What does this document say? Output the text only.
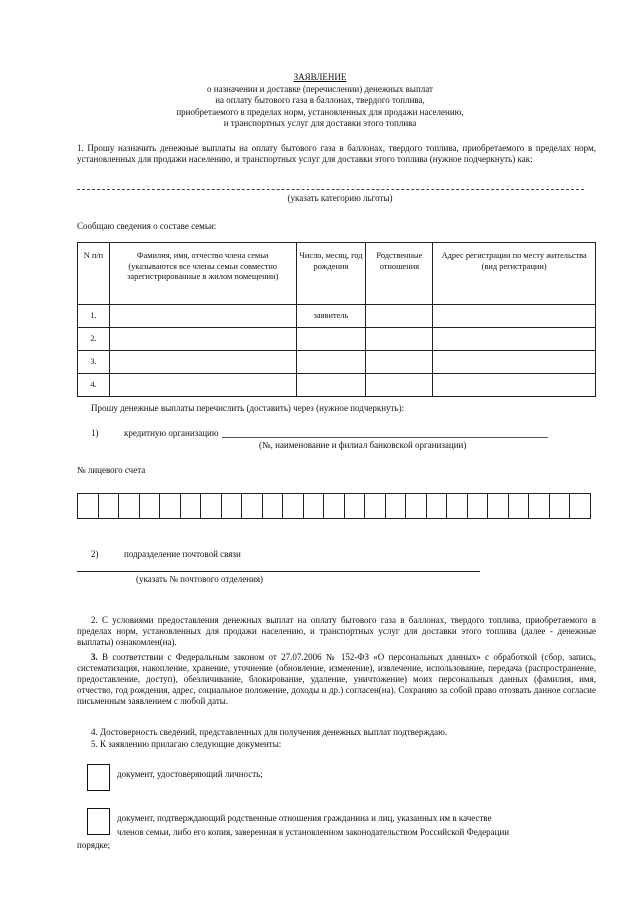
ЗАЯВЛЕНИЕ
о назначении и доставке (перечислении) денежных выплат
на оплату бытового газа в баллонах, твердого топлива,
приобретаемого в пределах норм, установленных для продажи населению,
и транспортных услуг для доставки этого топлива
1. Прошу назначить денежные выплаты на оплату бытового газа в баллонах, твердого топлива, приобретаемого в пределах норм, установленных для продажи населению, и транспортных услуг для доставки этого топлива (нужное подчеркнуть) как:
(указать категорию льготы)
Сообщаю сведения о составе семьи:
N п/п	Фамилия, имя, отчество члена семьи (указываются все члены семьи совместно зарегистрированные в жилом помещении)	Число, месяц, год рождения	Родственные отношения	Адрес регистрации по месту жительства (вид регистрации)
1.		заявитель		
2.				
3.				
4.				
Прошу денежные выплаты перечислить (доставить) через (нужное подчеркнуть):
1)	кредитную организацию
(№, наименование и филиал банковской организации)
№ лицевого счета

2)	подразделение почтовой связи
(указать № почтового отделения)
2. С условиями предоставления денежных выплат на оплату бытового газа в баллонах, твердого топлива, приобретаемого в пределах норм, установленных для продажи населению, и транспортных услуг для доставки этого топлива (далее - денежные выплаты) ознакомлен(на).
3. В соответствии с Федеральным законом от 27.07.2006 № 152-ФЗ «О персональных данных» с обработкой (сбор, запись, систематизация, накопление, хранение, уточнение (обновление, изменение), извлечение, использование, передача (распространение, предоставление, доступ), обезличивание, блокирование, удаление, уничтожение) моих персональных данных (фамилия, имя, отчество, год рождения, адрес, социальное положение, доходы и др.) согласен(на). Сохраняю за собой право отозвать данное согласие письменным заявлением с любой даты.
4. Достоверность сведений, представленных для получения денежных выплат подтверждаю.
5. К заявлению прилагаю следующие документы:
документ, удостоверяющий личность;
документ, подтверждающий родственные отношения гражданина и лиц, указанных им в качестве
членов семьи, либо его копия, заверенная в установленном законодательством Российской Федерации
порядке;
